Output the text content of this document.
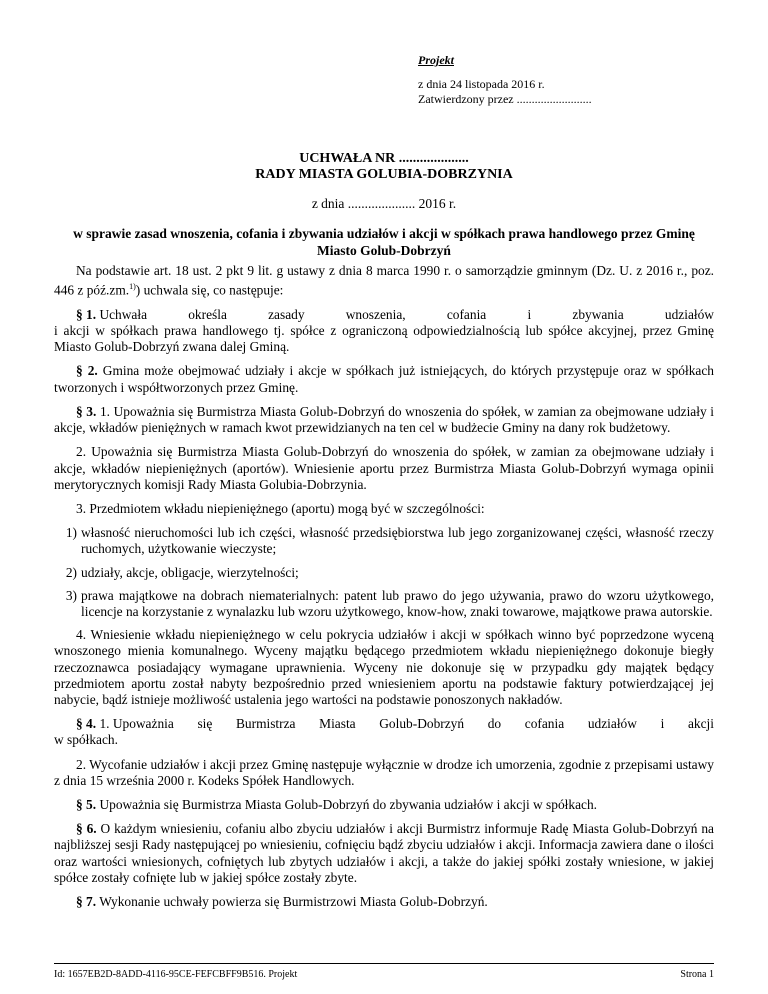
Projekt
z dnia 24 listopada 2016 r.
Zatwierdzony przez .........................
UCHWAŁA NR ....................
RADY MIASTA GOLUBIA-DOBRZYNIA
z dnia .................... 2016 r.
w sprawie zasad wnoszenia, cofania i zbywania udziałów i akcji w spółkach prawa handlowego przez Gminę Miasto Golub-Dobrzyń

Na podstawie art. 18 ust. 2 pkt 9 lit. g ustawy z dnia 8 marca 1990 r. o samorządzie gminnym (Dz. U. z 2016 r., poz. 446 z póź.zm.$^{1)}$) uchwala się, co następuje:

§ 1. Uchwała	określa	zasady	wnoszenia,	cofania	i	zbywania	udziałów
i akcji w spółkach prawa handlowego tj. spółce z ograniczoną odpowiedzialnością lub spółce akcyjnej, przez Gminę Miasto Golub-Dobrzyń zwana dalej Gminą.

§ 2. Gmina może obejmować udziały i akcje w spółkach już istniejących, do których przystępuje oraz w spółkach tworzonych i współtworzonych przez Gminę.

§ 3. 1. Upoważnia się Burmistrza Miasta Golub-Dobrzyń do wnoszenia do spółek, w zamian za obejmowane udziały i akcje, wkładów pieniężnych w ramach kwot przewidzianych na ten cel w budżecie Gminy na dany rok budżetowy.

2. Upoważnia się Burmistrza Miasta Golub-Dobrzyń do wnoszenia do spółek, w zamian za obejmowane udziały i akcje, wkładów niepieniężnych (aportów). Wniesienie aportu przez Burmistrza Miasta Golub-Dobrzyń wymaga opinii merytorycznych komisji Rady Miasta Golubia-Dobrzynia.

3. Przedmiotem wkładu niepieniężnego (aportu) mogą być w szczególności:

1) własność nieruchomości lub ich części, własność przedsiębiorstwa lub jego zorganizowanej części, własność rzeczy ruchomych, użytkowanie wieczyste;
2) udziały, akcje, obligacje, wierzytelności;
3) prawa majątkowe na dobrach niematerialnych: patent lub prawo do jego używania, prawo do wzoru użytkowego, licencje na korzystanie z wynalazku lub wzoru użytkowego, know-how, znaki towarowe, majątkowe prawa autorskie.

4. Wniesienie wkładu niepieniężnego w celu pokrycia udziałów i akcji w spółkach winno być poprzedzone wyceną wnoszonego mienia komunalnego. Wyceny majątku będącego przedmiotem wkładu niepieniężnego dokonuje biegły rzeczoznawca posiadający wymagane uprawnienia. Wyceny nie dokonuje się w przypadku gdy majątek będący przedmiotem aportu został nabyty bezpośrednio przed wniesieniem aportu na podstawie faktury potwierdzającej jej nabycie, bądź istnieje możliwość ustalenia jego wartości na podstawie ponoszonych nakładów.

§ 4. 1. Upoważnia się Burmistrza Miasta Golub-Dobrzyń do cofania udziałów i akcji
w spółkach.

2. Wycofanie udziałów i akcji przez Gminę następuje wyłącznie w drodze ich umorzenia, zgodnie z przepisami ustawy z dnia 15 września 2000 r. Kodeks Spółek Handlowych.

§ 5. Upoważnia się Burmistrza Miasta Golub-Dobrzyń do zbywania udziałów i akcji w spółkach.

§ 6. O każdym wniesieniu, cofaniu albo zbyciu udziałów i akcji Burmistrz informuje Radę Miasta Golub-Dobrzyń na najbliższej sesji Rady następującej po wniesieniu, cofnięciu bądź zbyciu udziałów i akcji. Informacja zawiera dane o ilości oraz wartości wniesionych, cofniętych lub zbytych udziałów i akcji, a także do jakiej spółki zostały wniesione, w jakiej spółce zostały cofnięte lub w jakiej spółce zostały zbyte.

§ 7. Wykonanie uchwały powierza się Burmistrzowi Miasta Golub-Dobrzyń.

Id: 1657EB2D-8ADD-4116-95CE-FEFCBFF9B516. Projekt	Strona 1
